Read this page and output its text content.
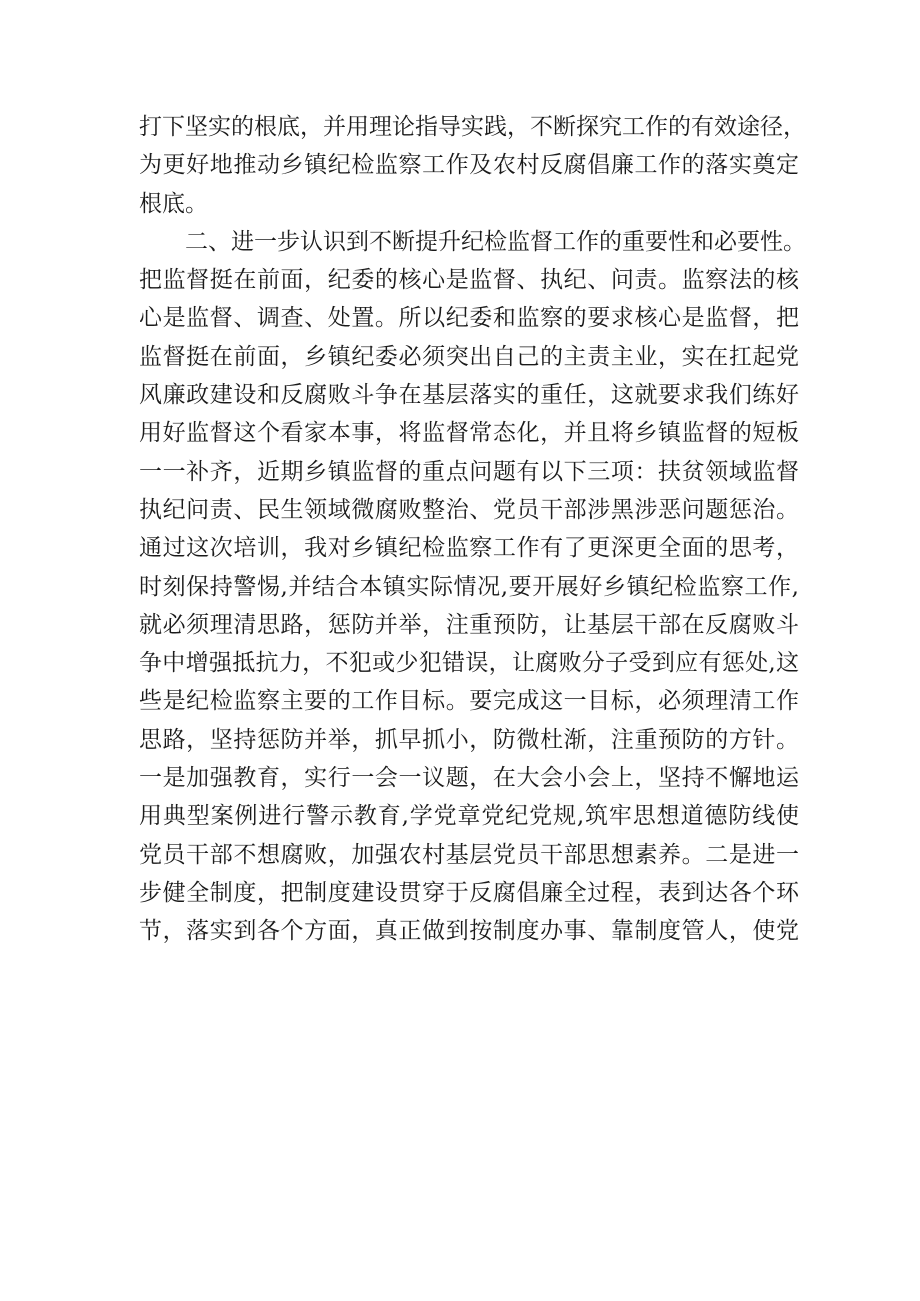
打下坚实的根底，并用理论指导实践，不断探究工作的有效途径，
为更好地推动乡镇纪检监察工作及农村反腐倡廉工作的落实奠定
根底。
二、进一步认识到不断提升纪检监督工作的重要性和必要性。
把监督挺在前面，纪委的核心是监督、执纪、问责。监察法的核
心是监督、调查、处置。所以纪委和监察的要求核心是监督，把
监督挺在前面，乡镇纪委必须突出自己的主责主业，实在扛起党
风廉政建设和反腐败斗争在基层落实的重任，这就要求我们练好
用好监督这个看家本事，将监督常态化，并且将乡镇监督的短板
一一补齐，近期乡镇监督的重点问题有以下三项：扶贫领域监督
执纪问责、民生领域微腐败整治、党员干部涉黑涉恶问题惩治。
通过这次培训，我对乡镇纪检监察工作有了更深更全面的思考，
时刻保持警惕,并结合本镇实际情况,要开展好乡镇纪检监察工作,
就必须理清思路，惩防并举，注重预防，让基层干部在反腐败斗
争中增强抵抗力，不犯或少犯错误，让腐败分子受到应有惩处,这
些是纪检监察主要的工作目标。要完成这一目标，必须理清工作
思路，坚持惩防并举，抓早抓小，防微杜渐，注重预防的方针。
一是加强教育，实行一会一议题，在大会小会上，坚持不懈地运
用典型案例进行警示教育,学党章党纪党规,筑牢思想道德防线使
党员干部不想腐败，加强农村基层党员干部思想素养。二是进一
步健全制度，把制度建设贯穿于反腐倡廉全过程，表到达各个环
节，落实到各个方面，真正做到按制度办事、靠制度管人，使党
